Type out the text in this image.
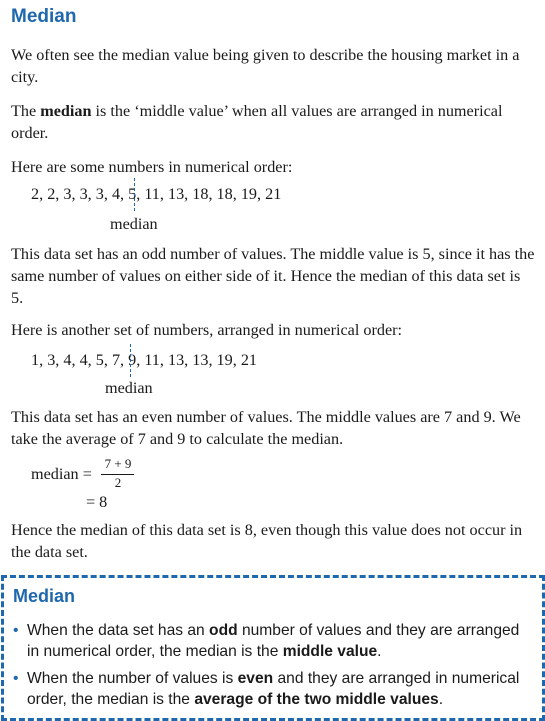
Median

We often see the median value being given to describe the housing market in a city.

The median is the ‘middle value’ when all values are arranged in numerical order.

Here are some numbers in numerical order:

2, 2, 3, 3, 3, 4, 5, 11, 13, 18, 18, 19, 21
median

This data set has an odd number of values. The middle value is 5, since it has the same number of values on either side of it. Hence the median of this data set is 5.

Here is another set of numbers, arranged in numerical order:

1, 3, 4, 4, 5, 7, 9, 11, 13, 13, 19, 21
median

This data set has an even number of values. The middle values are 7 and 9. We take the average of 7 and 9 to calculate the median.

median =
7 + 9
2
= 8

Hence the median of this data set is 8, even though this value does not occur in the data set.

Median
• When the data set has an odd number of values and they are arranged in numerical order, the median is the middle value.
• When the number of values is even and they are arranged in numerical order, the median is the average of the two middle values.
